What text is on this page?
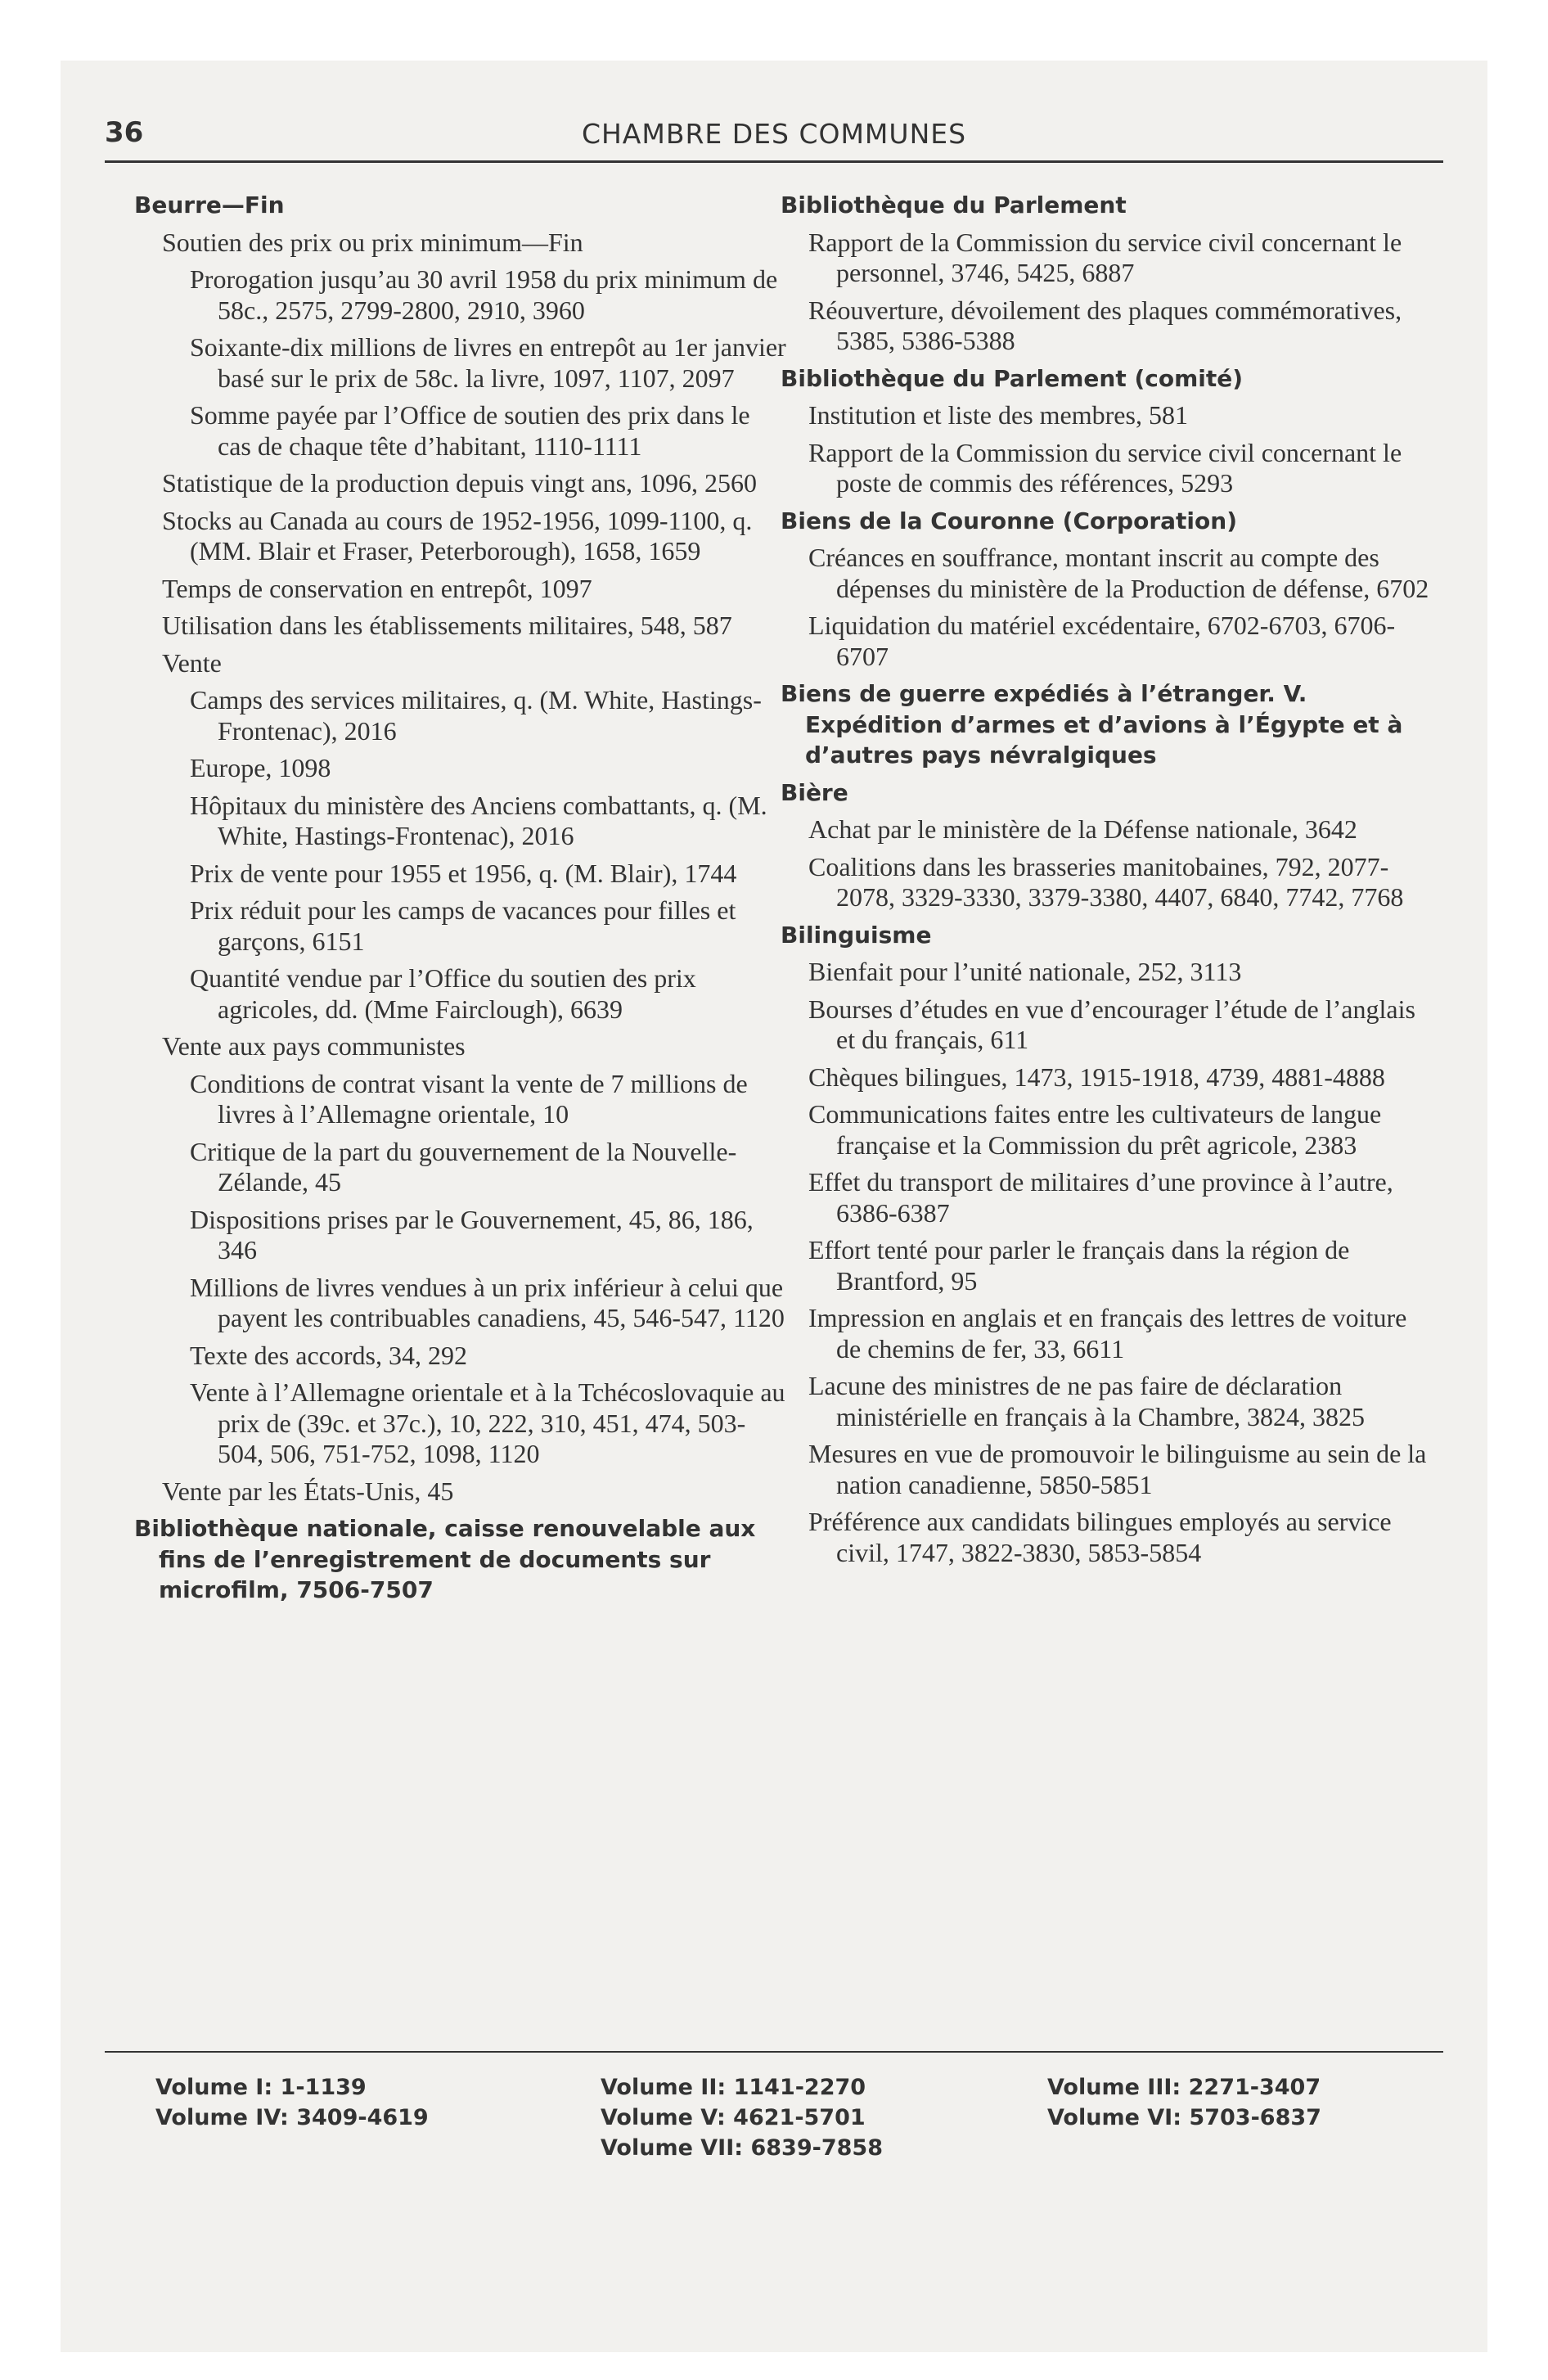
36	CHAMBRE DES COMMUNES
Beurre—Fin
Soutien des prix ou prix minimum—Fin
Prorogation jusqu’au 30 avril 1958 du prix minimum de 58c., 2575, 2799-2800, 2910, 3960
Soixante-dix millions de livres en entrepôt au 1er janvier basé sur le prix de 58c. la livre, 1097, 1107, 2097
Somme payée par l’Office de soutien des prix dans le cas de chaque tête d’habitant, 1110-1111
Statistique de la production depuis vingt ans, 1096, 2560
Stocks au Canada au cours de 1952-1956, 1099-1100, q. (MM. Blair et Fraser, Peterborough), 1658, 1659
Temps de conservation en entrepôt, 1097
Utilisation dans les établissements militaires, 548, 587
Vente
Camps des services militaires, q. (M. White, Hastings-Frontenac), 2016
Europe, 1098
Hôpitaux du ministère des Anciens combattants, q. (M. White, Hastings-Frontenac), 2016
Prix de vente pour 1955 et 1956, q. (M. Blair), 1744
Prix réduit pour les camps de vacances pour filles et garçons, 6151
Quantité vendue par l’Office du soutien des prix agricoles, dd. (Mme Fairclough), 6639
Vente aux pays communistes
Conditions de contrat visant la vente de 7 millions de livres à l’Allemagne orientale, 10
Critique de la part du gouvernement de la Nouvelle-Zélande, 45
Dispositions prises par le Gouvernement, 45, 86, 186, 346
Millions de livres vendues à un prix inférieur à celui que payent les contribuables canadiens, 45, 546-547, 1120
Texte des accords, 34, 292
Vente à l’Allemagne orientale et à la Tchécoslovaquie au prix de (39c. et 37c.), 10, 222, 310, 451, 474, 503-504, 506, 751-752, 1098, 1120
Vente par les États-Unis, 45
Bibliothèque nationale, caisse renouvelable aux fins de l’enregistrement de documents sur microfilm, 7506-7507
Bibliothèque du Parlement
Rapport de la Commission du service civil concernant le personnel, 3746, 5425, 6887
Réouverture, dévoilement des plaques commémoratives, 5385, 5386-5388
Bibliothèque du Parlement (comité)
Institution et liste des membres, 581
Rapport de la Commission du service civil concernant le poste de commis des références, 5293
Biens de la Couronne (Corporation)
Créances en souffrance, montant inscrit au compte des dépenses du ministère de la Production de défense, 6702
Liquidation du matériel excédentaire, 6702-6703, 6706-6707
Biens de guerre expédiés à l’étranger. V. Expédition d’armes et d’avions à l’Égypte et à d’autres pays névralgiques
Bière
Achat par le ministère de la Défense nationale, 3642
Coalitions dans les brasseries manitobaines, 792, 2077-2078, 3329-3330, 3379-3380, 4407, 6840, 7742, 7768
Bilinguisme
Bienfait pour l’unité nationale, 252, 3113
Bourses d’études en vue d’encourager l’étude de l’anglais et du français, 611
Chèques bilingues, 1473, 1915-1918, 4739, 4881-4888
Communications faites entre les cultivateurs de langue française et la Commission du prêt agricole, 2383
Effet du transport de militaires d’une province à l’autre, 6386-6387
Effort tenté pour parler le français dans la région de Brantford, 95
Impression en anglais et en français des lettres de voiture de chemins de fer, 33, 6611
Lacune des ministres de ne pas faire de déclaration ministérielle en français à la Chambre, 3824, 3825
Mesures en vue de promouvoir le bilinguisme au sein de la nation canadienne, 5850-5851
Préférence aux candidats bilingues employés au service civil, 1747, 3822-3830, 5853-5854
Volume I: 1-1139
Volume IV: 3409-4619
Volume II: 1141-2270
Volume V: 4621-5701
Volume VII: 6839-7858
Volume III: 2271-3407
Volume VI: 5703-6837
